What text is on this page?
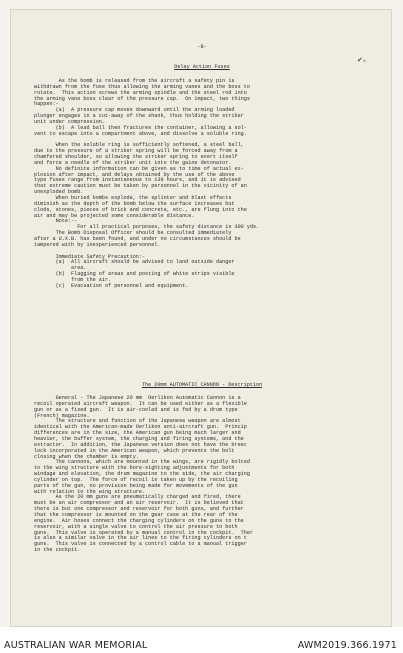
-8-
Delay Action Fuses
As the bomb is released from the aircraft a safety pin is
withdrawn from the fuse thus allowing the arming vanes and the boss to
rotate.  This action screws the arming spindle and the steel rod into
the arming vane boss clear of the pressure cap.  On impact, two things
happen:-
(a)  A pressure cap moves downward until the arming loaded
plunger engages in a cut-away of the shank, thus holding the striker
unit under compression.
(b)  A lead ball then fractures the container, allowing a sol-
vent to escape into a compartment above, and dissolve a soluble ring.
When the soluble ring is sufficiently softened, a steel ball,
due to the pressure of a striker spring will be forced away from a
chamfered shoulder, so allowing the striker spring to exert itself
and force a needle of the striker unit into the gaine detonator.
No definite information can be given as to time of actual ex-
plosion after impact, and delays obtained by the use of the above
type fuses range from instantaneous to 130 hours, and it is advised
that extreme caution must be taken by personnel in the vicinity of an
unexploded bomb.
When buried bombs explode, the splinter and blast effects
diminish as the depth of the bomb below the surface increases but
clods, stones, pieces of brick and concrete, etc., are flung into the
air and may be projected some considerable distance.
Note:--
For all practical purposes, the safety distance is 300 yds.
The Bomb Disposal Officer should be consulted immediately
after a U.X.B. has been found, and under no circumstances should be
tampered with by inexperienced personnel.
Immediate Safety Precaution:-
(a)  All aircraft should be advised to land outside danger
area.
(b)  Flagging of areas and posting of white strips visible
from the air.
(c)  Evacuation of personnel and equipment.
The 20mm AUTOMATIC CANNON - Description
General - The Japanese 20 mm  Oerlikon Automatic Cannon is a
recoil operated aircraft weapon.  It can be used either as a flexible
gun or as a fixed gun.  It is air-cooled and is fed by a drum type
(French) magazine.
The structure and function of the Japanese weapon are almost
identical with the American-made Oerlikon anti-aircraft gun.  Princip
differences are in the size, the American gun being much larger and
heavier, the buffer system, the charging and firing systems, and the
extractor.  In addition, the Japanese version does not have the breec
lock incorporated in the American weapon, which prevents the bolt
closing when the chamber is empty.
The cannons, which are mounted in the wings, are rigidly bolted
to the wing structure with the bore-sighting adjustments for both
windage and elevation, the drum magazine to the side, the air charging
cylinder on top.  The force of recoil is taken up by the recoiling
parts of the gun, no provision being made for movements of the gun
with relation to the wing structure.
As the 20 mm guns are pneumatically charged and fired, there
must be an air compressor and an air reservoir.  It is believed that
there is but one compressor and reservoir for both guns, and further
that the compressor is mounted on the gear case at the rear of the
engine.  Air hoses connect the charging cylinders on the guns to the
reservoir, with a single valve to control the air pressure to both
guns.  This valve is operated by a manual control in the cockpit.  Ther
is also a similar valve in the air lines to the firing cylinders on t
guns.  This valve is connected by a control cable to a manual trigger
in the cockpit.
✔ₓ
AUSTRALIAN WAR MEMORIAL	AWM2019.366.1971
